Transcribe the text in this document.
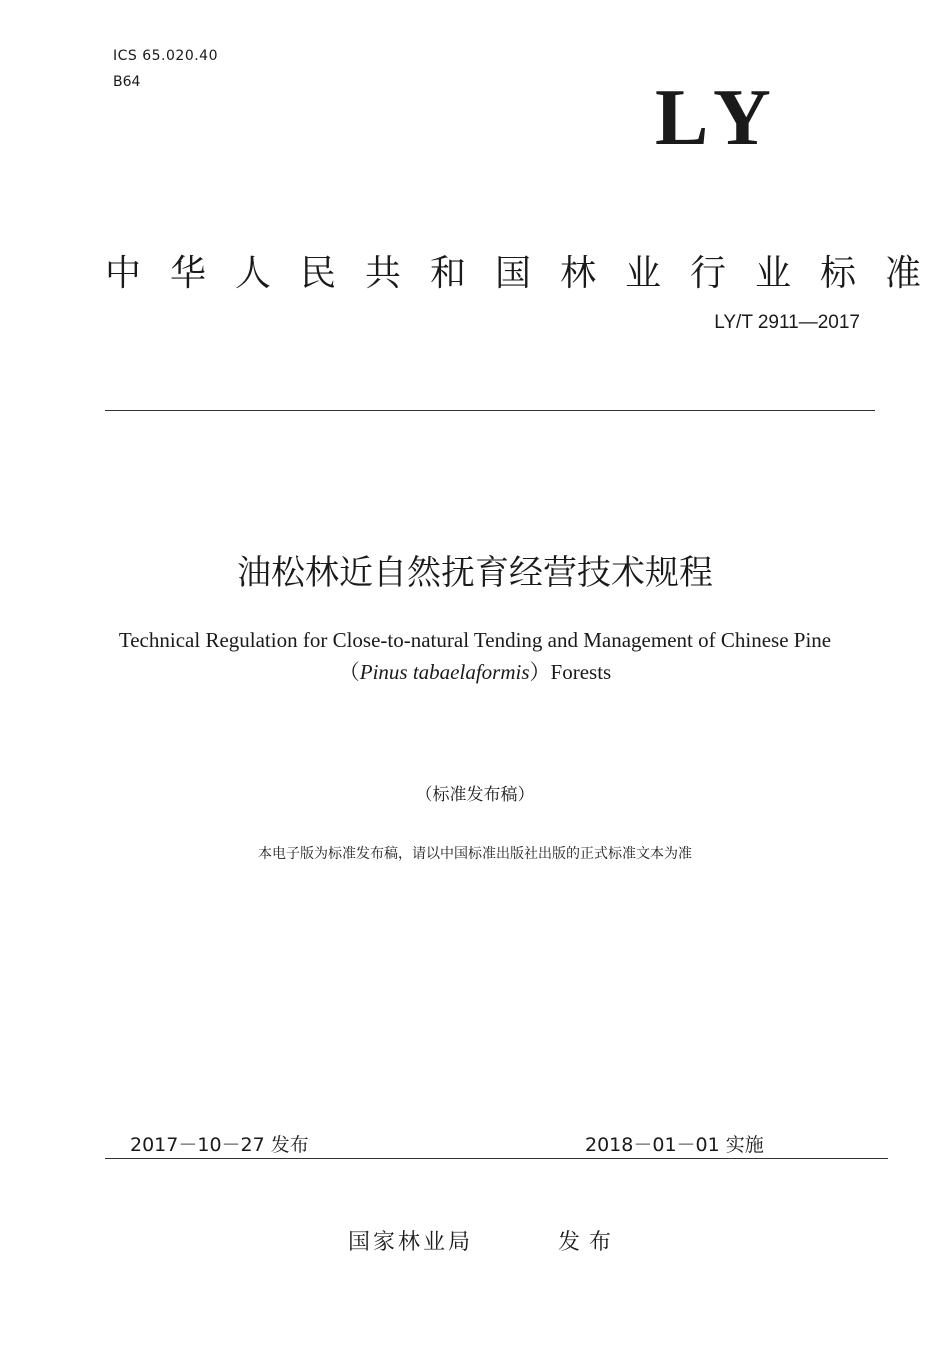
ICS 65.020.40
B64	LY
中华人民共和国林业行业标准
LY/T 2911—2017
油松林近自然抚育经营技术规程
Technical Regulation for Close-to-natural Tending and Management of Chinese Pine
（Pinus tabaelaformis）Forests
（标准发布稿）
本电子版为标准发布稿，请以中国标准出版社出版的正式标准文本为准
2017－10－27 发布	2018－01－01 实施
国家林业局	发布
